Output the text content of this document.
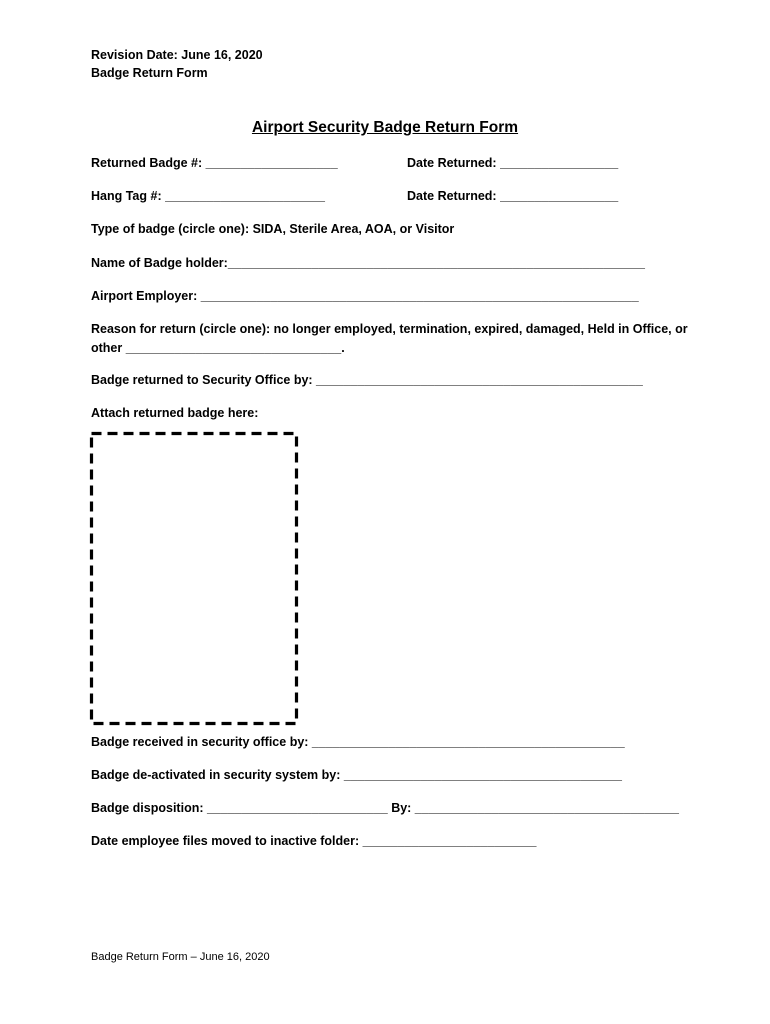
Revision Date: June 16, 2020
Badge Return Form
Airport Security Badge Return Form
Returned Badge #: ___________________	Date Returned: _________________
Hang Tag #: _______________________	Date Returned: _________________
Type of badge (circle one): SIDA, Sterile Area, AOA, or Visitor
Name of Badge holder:____________________________________________________________
Airport Employer: _______________________________________________________________
Reason for return (circle one): no longer employed, termination, expired, damaged, Held in Office, or
other _______________________________.
Badge returned to Security Office by: _______________________________________________
Attach returned badge here:
Badge received in security office by: _____________________________________________
Badge de-activated in security system by: ________________________________________
Badge disposition: __________________________ By: ______________________________________
Date employee files moved to inactive folder: _________________________
Badge Return Form – June 16, 2020
